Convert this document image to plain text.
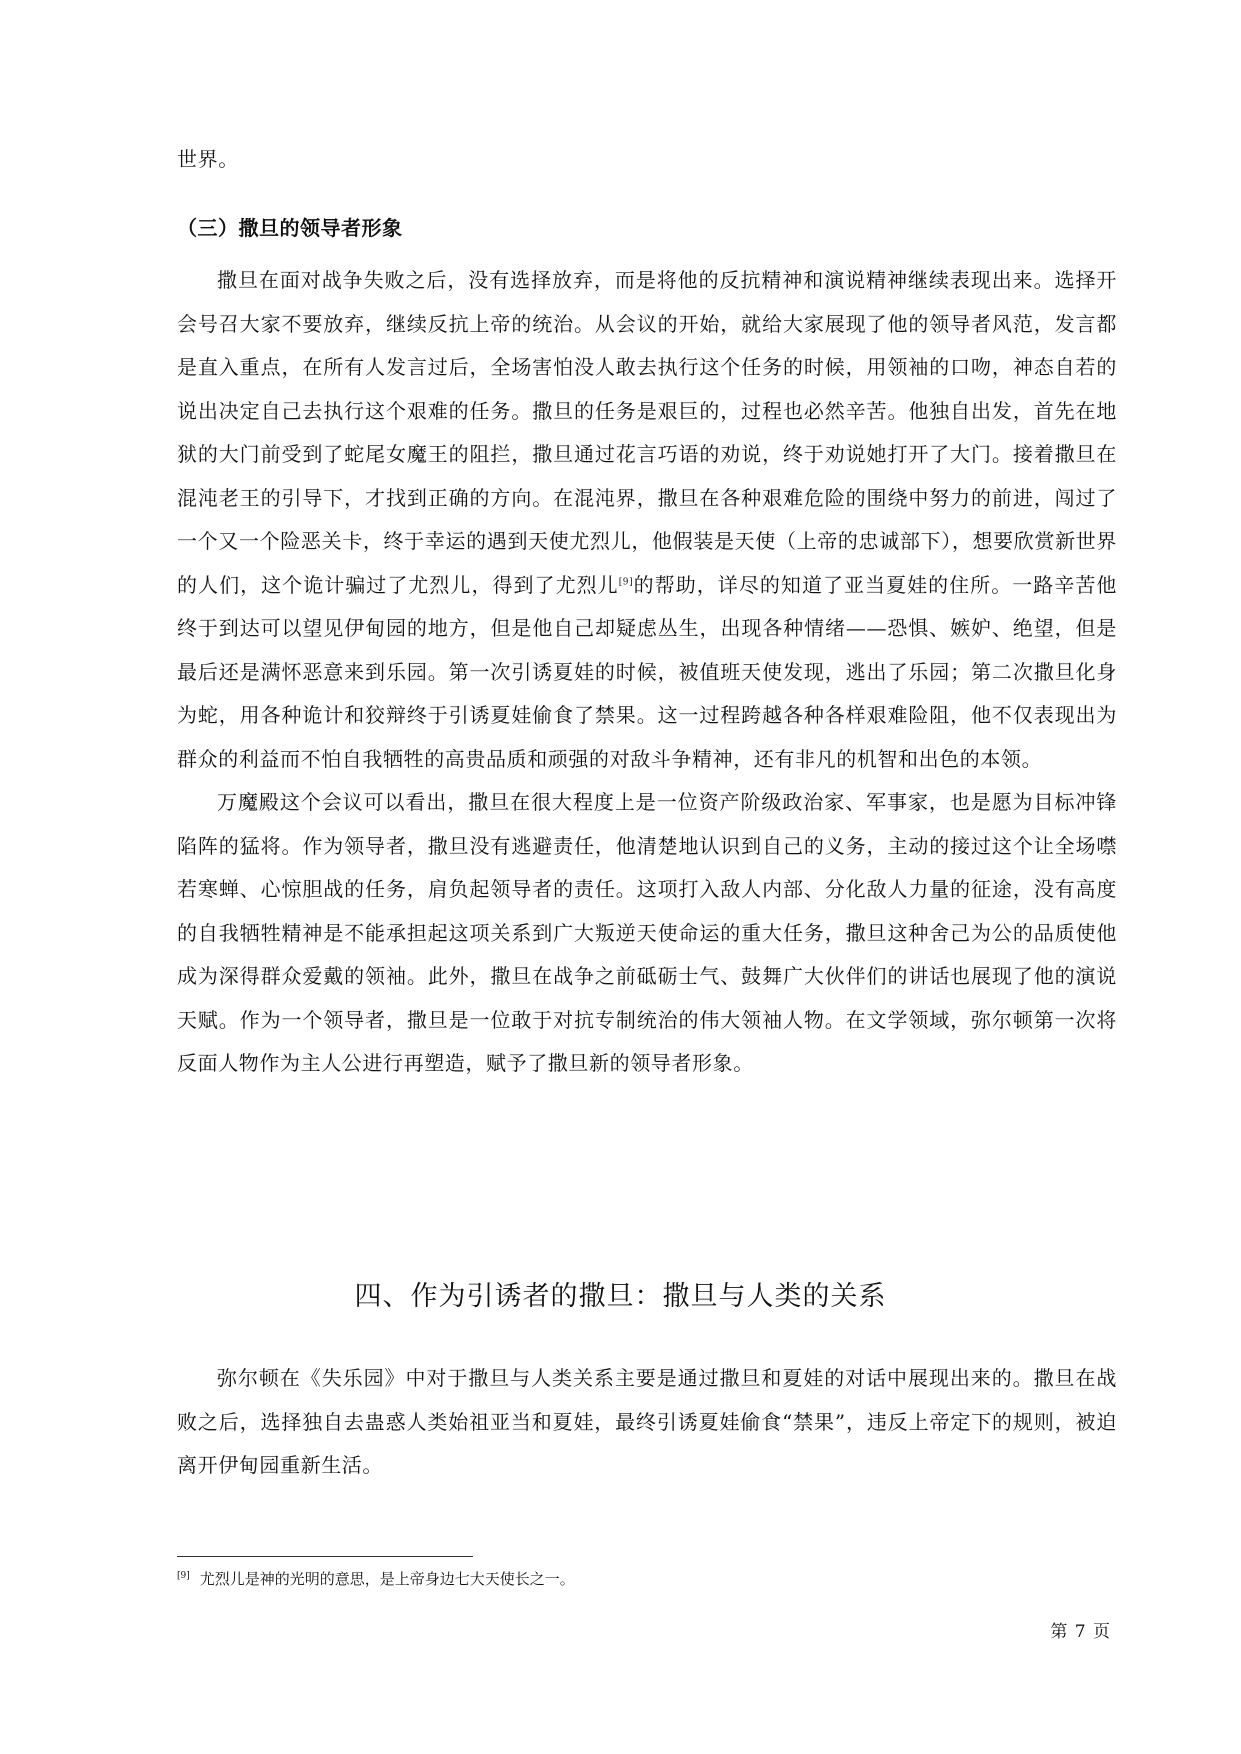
世界。

（三）撒旦的领导者形象

撒旦在面对战争失败之后，没有选择放弃，而是将他的反抗精神和演说精神继续表现出来。选择开会号召大家不要放弃，继续反抗上帝的统治。从会议的开始，就给大家展现了他的领导者风范，发言都是直入重点，在所有人发言过后，全场害怕没人敢去执行这个任务的时候，用领袖的口吻，神态自若的说出决定自己去执行这个艰难的任务。撒旦的任务是艰巨的，过程也必然辛苦。他独自出发，首先在地狱的大门前受到了蛇尾女魔王的阻拦，撒旦通过花言巧语的劝说，终于劝说她打开了大门。接着撒旦在混沌老王的引导下，才找到正确的方向。在混沌界，撒旦在各种艰难危险的围绕中努力的前进，闯过了一个又一个险恶关卡，终于幸运的遇到天使尤烈儿，他假装是天使（上帝的忠诚部下），想要欣赏新世界的人们，这个诡计骗过了尤烈儿，得到了尤烈儿[9]的帮助，详尽的知道了亚当夏娃的住所。一路辛苦他终于到达可以望见伊甸园的地方，但是他自己却疑虑丛生，出现各种情绪——恐惧、嫉妒、绝望，但是最后还是满怀恶意来到乐园。第一次引诱夏娃的时候，被值班天使发现，逃出了乐园；第二次撒旦化身为蛇，用各种诡计和狡辩终于引诱夏娃偷食了禁果。这一过程跨越各种各样艰难险阻，他不仅表现出为群众的利益而不怕自我牺牲的高贵品质和顽强的对敌斗争精神，还有非凡的机智和出色的本领。

万魔殿这个会议可以看出，撒旦在很大程度上是一位资产阶级政治家、军事家，也是愿为目标冲锋陷阵的猛将。作为领导者，撒旦没有逃避责任，他清楚地认识到自己的义务，主动的接过这个让全场噤若寒蝉、心惊胆战的任务，肩负起领导者的责任。这项打入敌人内部、分化敌人力量的征途，没有高度的自我牺牲精神是不能承担起这项关系到广大叛逆天使命运的重大任务，撒旦这种舍己为公的品质使他成为深得群众爱戴的领袖。此外，撒旦在战争之前砥砺士气、鼓舞广大伙伴们的讲话也展现了他的演说天赋。作为一个领导者，撒旦是一位敢于对抗专制统治的伟大领袖人物。在文学领域，弥尔顿第一次将反面人物作为主人公进行再塑造，赋予了撒旦新的领导者形象。

四、作为引诱者的撒旦：撒旦与人类的关系

弥尔顿在《失乐园》中对于撒旦与人类关系主要是通过撒旦和夏娃的对话中展现出来的。撒旦在战败之后，选择独自去蛊惑人类始祖亚当和夏娃，最终引诱夏娃偷食“禁果”，违反上帝定下的规则，被迫离开伊甸园重新生活。

[9] 尤烈儿是神的光明的意思，是上帝身边七大天使长之一。
第 7 页
